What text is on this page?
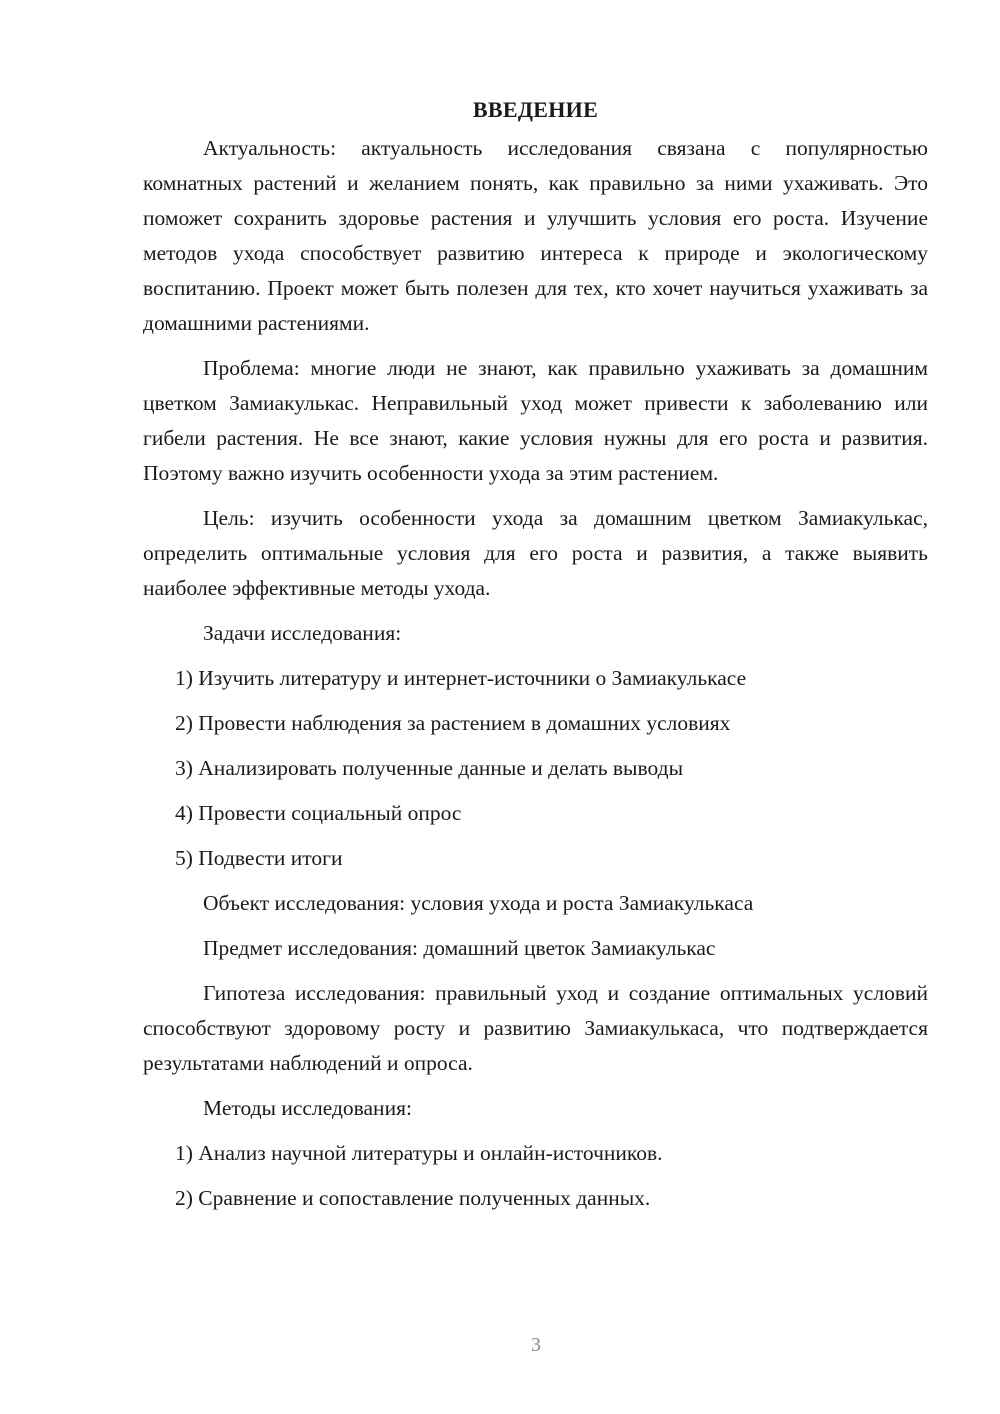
ВВЕДЕНИЕ

Актуальность: актуальность исследования связана с популярностью комнатных растений и желанием понять, как правильно за ними ухаживать. Это поможет сохранить здоровье растения и улучшить условия его роста. Изучение методов ухода способствует развитию интереса к природе и экологическому воспитанию. Проект может быть полезен для тех, кто хочет научиться ухаживать за домашними растениями.

Проблема: многие люди не знают, как правильно ухаживать за домашним цветком Замиакулькас. Неправильный уход может привести к заболеванию или гибели растения. Не все знают, какие условия нужны для его роста и развития. Поэтому важно изучить особенности ухода за этим растением.

Цель: изучить особенности ухода за домашним цветком Замиакулькас, определить оптимальные условия для его роста и развития, а также выявить наиболее эффективные методы ухода.

Задачи исследования:
1) Изучить литературу и интернет-источники о Замиакулькасе
2) Провести наблюдения за растением в домашних условиях
3) Анализировать полученные данные и делать выводы
4) Провести социальный опрос
5) Подвести итоги
Объект исследования: условия ухода и роста Замиакулькаса
Предмет исследования: домашний цветок Замиакулькас

Гипотеза исследования: правильный уход и создание оптимальных условий способствуют здоровому росту и развитию Замиакулькаса, что подтверждается результатами наблюдений и опроса.

Методы исследования:
1) Анализ научной литературы и онлайн-источников.
2) Сравнение и сопоставление полученных данных.
3
